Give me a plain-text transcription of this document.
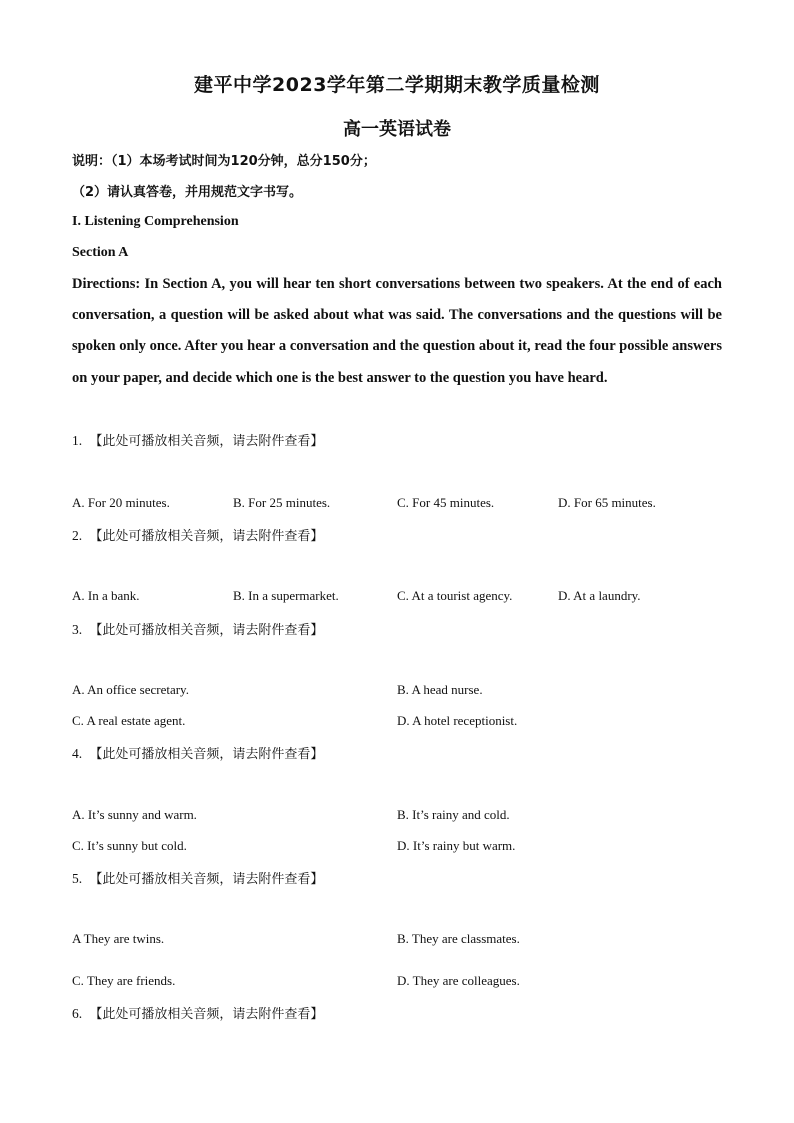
建平中学2023学年第二学期期末教学质量检测
高一英语试卷
说明：（1）本场考试时间为120分钟，总分150分；
（2）请认真答卷，并用规范文字书写。
I. Listening Comprehension
Section A
Directions: In Section A, you will hear ten short conversations between two speakers. At the end of each conversation, a question will be asked about what was said. The conversations and the questions will be spoken only once. After you hear a conversation and the question about it, read the four possible answers on your paper, and decide which one is the best answer to the question you have heard.
1. 【此处可播放相关音频，请去附件查看】
A. For 20 minutes.	B. For 25 minutes.	C. For 45 minutes.	D. For 65 minutes.
2. 【此处可播放相关音频，请去附件查看】
A. In a bank.	B. In a supermarket.	C. At a tourist agency.	D. At a laundry.
3. 【此处可播放相关音频，请去附件查看】
A. An office secretary.	B. A head nurse.
C. A real estate agent.	D. A hotel receptionist.
4. 【此处可播放相关音频，请去附件查看】
A. It’s sunny and warm.	B. It’s rainy and cold.
C. It’s sunny but cold.	D. It’s rainy but warm.
5. 【此处可播放相关音频，请去附件查看】
A They are twins.	B. They are classmates.
C. They are friends.	D. They are colleagues.
6. 【此处可播放相关音频，请去附件查看】
